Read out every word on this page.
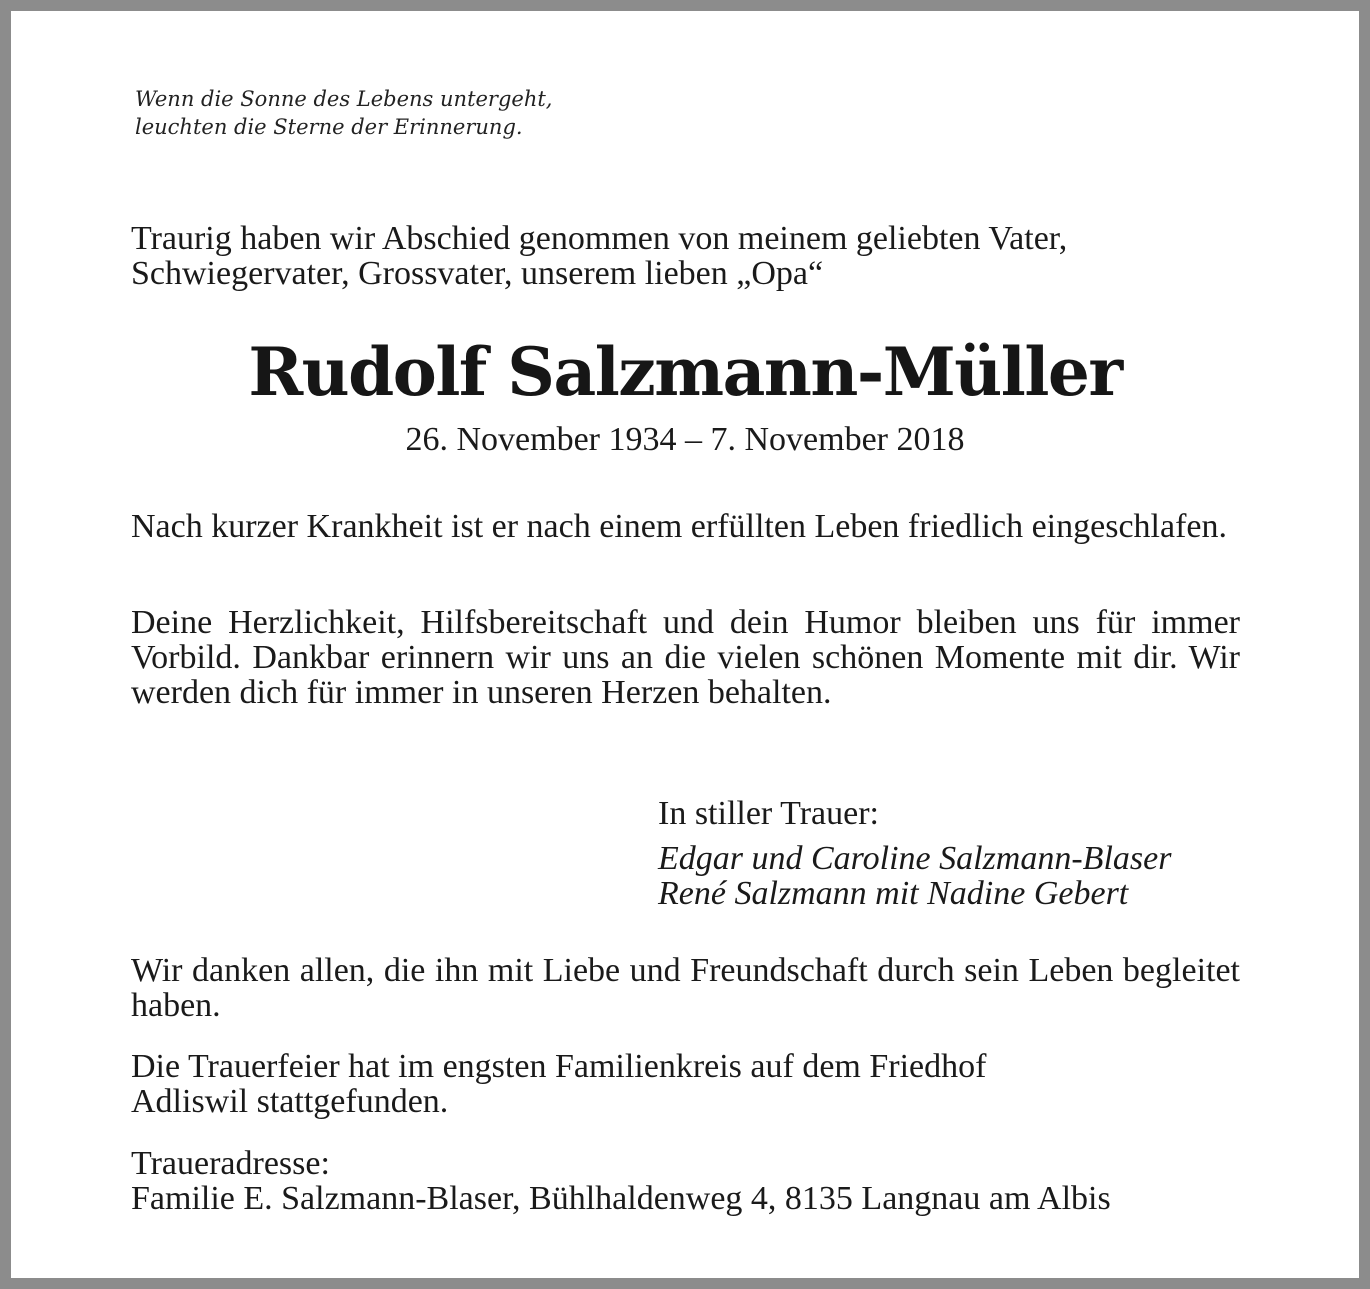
Wenn die Sonne des Lebens untergeht,
leuchten die Sterne der Erinnerung.
Traurig haben wir Abschied genommen von meinem geliebten Vater,
Schwiegervater, Grossvater, unserem lieben „Opa“
Rudolf Salzmann-Müller
26. November 1934 – 7. November 2018
Nach kurzer Krankheit ist er nach einem erfüllten Leben friedlich eingeschlafen.
Deine Herzlichkeit, Hilfsbereitschaft und dein Humor bleiben uns für immer Vorbild. Dankbar erinnern wir uns an die vielen schönen Momente mit dir. Wir werden dich für immer in unseren Herzen behalten.
In stiller Trauer:
Edgar und Caroline Salzmann-Blaser
René Salzmann mit Nadine Gebert
Wir danken allen, die ihn mit Liebe und Freundschaft durch sein Leben begleitet haben.
Die Trauerfeier hat im engsten Familienkreis auf dem Friedhof
Adliswil stattgefunden.
Traueradresse:
Familie E. Salzmann-Blaser, Bühlhaldenweg 4, 8135 Langnau am Albis
